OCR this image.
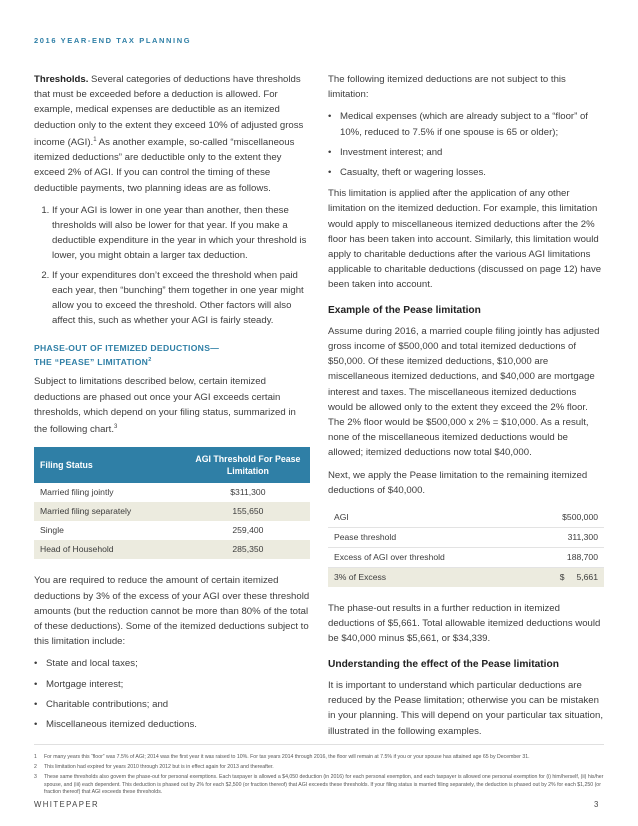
2016 YEAR-END TAX PLANNING

Thresholds. Several categories of deductions have thresholds that must be exceeded before a deduction is allowed. For example, medical expenses are deductible as an itemized deduction only to the extent they exceed 10% of adjusted gross income (AGI).$^1$ As another example, so-called “miscellaneous itemized deductions” are deductible only to the extent they exceed 2% of AGI. If you can control the timing of these deductible payments, two planning ideas are as follows.

1. If your AGI is lower in one year than another, then these thresholds will also be lower for that year. If you make a deductible expenditure in the year in which your threshold is lower, you might obtain a larger tax deduction.
2. If your expenditures don’t exceed the threshold when paid each year, then “bunching” them together in one year might allow you to exceed the threshold. Other factors will also affect this, such as whether your AGI is fairly steady.
PHASE-OUT OF ITEMIZED DEDUCTIONS—
THE “PEASE” LIMITATION$^2$

Subject to limitations described below, certain itemized deductions are phased out once your AGI exceeds certain thresholds, which depend on your filing status, summarized in the following chart.$^3$

Filing Status	AGI Threshold For Pease Limitation
Married filing jointly	$311,300
Married filing separately	155,650
Single	259,400
Head of Household	285,350

You are required to reduce the amount of certain itemized deductions by 3% of the excess of your AGI over these threshold amounts (but the reduction cannot be more than 80% of the total of these deductions). Some of the itemized deductions subject to this limitation include:

• State and local taxes;
• Mortgage interest;
• Charitable contributions; and
• Miscellaneous itemized deductions.

The following itemized deductions are not subject to this limitation:

• Medical expenses (which are already subject to a “floor” of 10%, reduced to 7.5% if one spouse is 65 or older);
• Investment interest; and
• Casualty, theft or wagering losses.

This limitation is applied after the application of any other limitation on the itemized deduction. For example, this limitation would apply to miscellaneous itemized deductions after the 2% floor has been taken into account. Similarly, this limitation would apply to charitable deductions after the various AGI limitations applicable to charitable deductions (discussed on page 12) have been taken into account.

Example of the Pease limitation

Assume during 2016, a married couple filing jointly has adjusted gross income of $500,000 and total itemized deductions of $50,000. Of these itemized deductions, $10,000 are miscellaneous itemized deductions, and $40,000 are mortgage interest and taxes. The miscellaneous itemized deductions would be allowed only to the extent they exceed the 2% floor. The 2% floor would be $500,000 x 2% = $10,000. As a result, none of the miscellaneous itemized deductions would be allowed; itemized deductions now total $40,000.

Next, we apply the Pease limitation to the remaining itemized deductions of $40,000.

AGI	$500,000
Pease threshold	311,300
Excess of AGI over threshold	188,700
3% of Excess	$     5,661

The phase-out results in a further reduction in itemized deductions of $5,661. Total allowable itemized deductions would be $40,000 minus $5,661, or $34,339.

Understanding the effect of the Pease limitation

It is important to understand which particular deductions are reduced by the Pease limitation; otherwise you can be mistaken in your planning. This will depend on your particular tax situation, illustrated in the following examples.

1 For many years this “floor” was 7.5% of AGI; 2014 was the first year it was raised to 10%. For tax years 2014 through 2016, the floor will remain at 7.5% if you or your spouse has attained age 65 by December 31.
2 This limitation had expired for years 2010 through 2012 but is in effect again for 2013 and thereafter.
3 These same thresholds also govern the phase-out for personal exemptions. Each taxpayer is allowed a $4,050 deduction (in 2016) for each personal exemption, and each taxpayer is allowed one personal exemption for (i) him/herself, (ii) his/her spouse, and (iii) each dependent. This deduction is phased out by 2% for each $2,500 (or fraction thereof) that AGI exceeds these thresholds. If your filing status is married filing separately, the deduction is phased out by 2% for each $1,250 (or fraction thereof) that AGI exceeds these thresholds.
WHITEPAPER	3
